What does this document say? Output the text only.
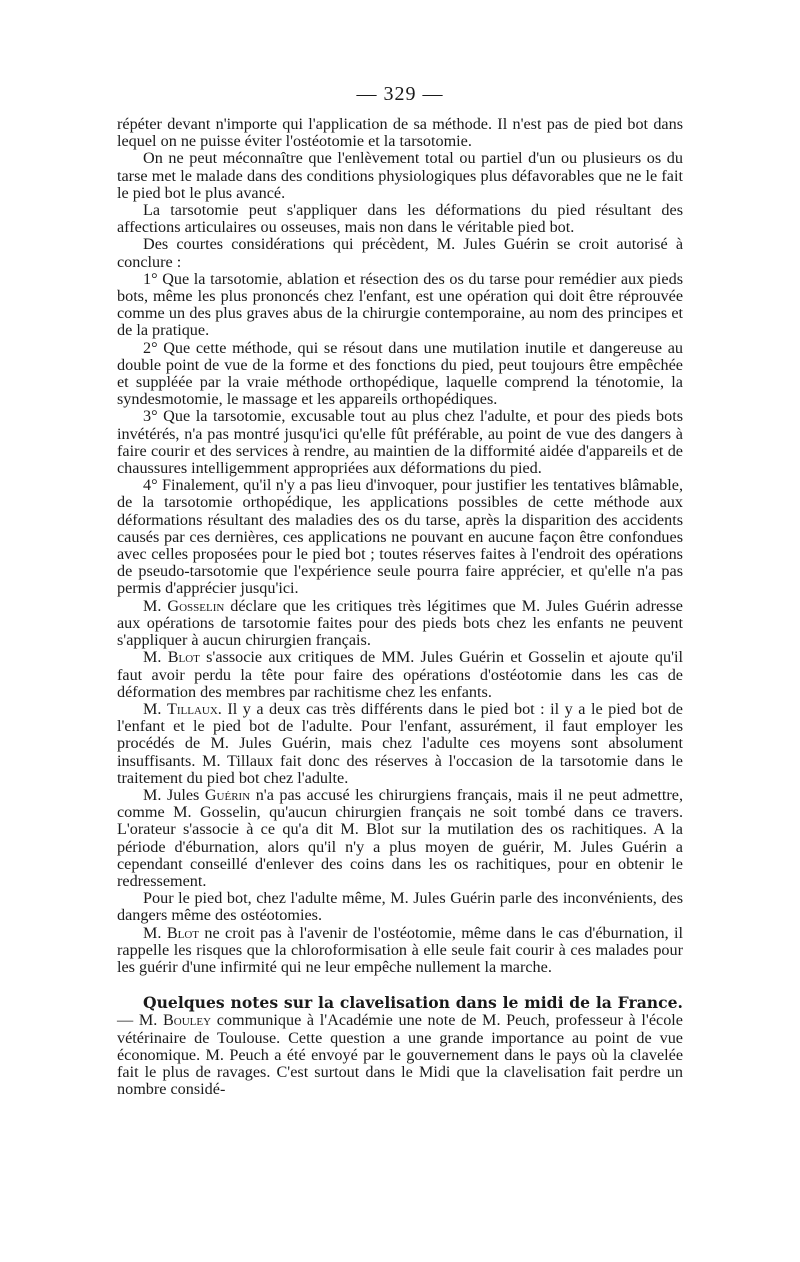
— 329 —

répéter devant n'importe qui l'application de sa méthode. Il n'est pas de pied bot dans lequel on ne puisse éviter l'ostéotomie et la tarsotomie.

On ne peut méconnaître que l'enlèvement total ou partiel d'un ou plusieurs os du tarse met le malade dans des conditions physiologiques plus défavorables que ne le fait le pied bot le plus avancé.

La tarsotomie peut s'appliquer dans les déformations du pied résultant des affections articulaires ou osseuses, mais non dans le véritable pied bot.

Des courtes considérations qui précèdent, M. Jules Guérin se croit autorisé à conclure :

1° Que la tarsotomie, ablation et résection des os du tarse pour remédier aux pieds bots, même les plus prononcés chez l'enfant, est une opération qui doit être réprouvée comme un des plus graves abus de la chirurgie contemporaine, au nom des principes et de la pratique.

2° Que cette méthode, qui se résout dans une mutilation inutile et dangereuse au double point de vue de la forme et des fonctions du pied, peut toujours être empêchée et suppléée par la vraie méthode orthopédique, laquelle comprend la ténotomie, la syndesmotomie, le massage et les appareils orthopédiques.

3° Que la tarsotomie, excusable tout au plus chez l'adulte, et pour des pieds bots invétérés, n'a pas montré jusqu'ici qu'elle fût préférable, au point de vue des dangers à faire courir et des services à rendre, au maintien de la difformité aidée d'appareils et de chaussures intelligemment appropriées aux déformations du pied.

4° Finalement, qu'il n'y a pas lieu d'invoquer, pour justifier les tentatives blâmable, de la tarsotomie orthopédique, les applications possibles de cette méthode aux déformations résultant des maladies des os du tarse, après la disparition des accidents causés par ces dernières, ces applications ne pouvant en aucune façon être confondues avec celles proposées pour le pied bot ; toutes réserves faites à l'endroit des opérations de pseudo-tarsotomie que l'expérience seule pourra faire apprécier, et qu'elle n'a pas permis d'apprécier jusqu'ici.

M. Gosselin déclare que les critiques très légitimes que M. Jules Guérin adresse aux opérations de tarsotomie faites pour des pieds bots chez les enfants ne peuvent s'appliquer à aucun chirurgien français.

M. Blot s'associe aux critiques de MM. Jules Guérin et Gosselin et ajoute qu'il faut avoir perdu la tête pour faire des opérations d'ostéotomie dans les cas de déformation des membres par rachitisme chez les enfants.

M. Tillaux. Il y a deux cas très différents dans le pied bot : il y a le pied bot de l'enfant et le pied bot de l'adulte. Pour l'enfant, assurément, il faut employer les procédés de M. Jules Guérin, mais chez l'adulte ces moyens sont absolument insuffisants. M. Tillaux fait donc des réserves à l'occasion de la tarsotomie dans le traitement du pied bot chez l'adulte.

M. Jules Guérin n'a pas accusé les chirurgiens français, mais il ne peut admettre, comme M. Gosselin, qu'aucun chirurgien français ne soit tombé dans ce travers. L'orateur s'associe à ce qu'a dit M. Blot sur la mutilation des os rachitiques. A la période d'éburnation, alors qu'il n'y a plus moyen de guérir, M. Jules Guérin a cependant conseillé d'enlever des coins dans les os rachitiques, pour en obtenir le redressement.

Pour le pied bot, chez l'adulte même, M. Jules Guérin parle des inconvénients, des dangers même des ostéotomies.

M. Blot ne croit pas à l'avenir de l'ostéotomie, même dans le cas d'éburnation, il rappelle les risques que la chloroformisation à elle seule fait courir à ces malades pour les guérir d'une infirmité qui ne leur empêche nullement la marche.

Quelques notes sur la clavelisation dans le midi de la France. — M. Bouley communique à l'Académie une note de M. Peuch, professeur à l'école vétérinaire de Toulouse. Cette question a une grande importance au point de vue économique. M. Peuch a été envoyé par le gouvernement dans le pays où la clavelée fait le plus de ravages. C'est surtout dans le Midi que la clavelisation fait perdre un nombre considé-
